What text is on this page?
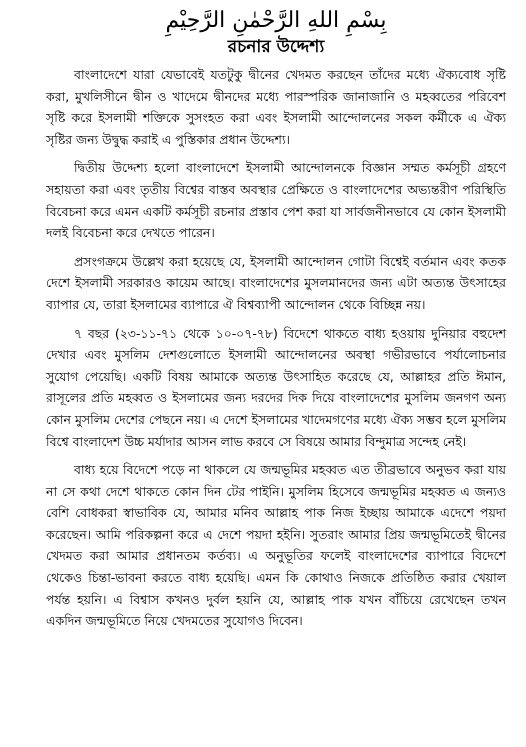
بِسْمِ اللهِ الرَّحْمٰنِ الرَّحِيْمِ
রচনার উদ্দেশ্য

বাংলাদেশে যারা যেভাবেই যতটুকু দ্বীনের খেদমত করছেন তাঁদের মধ্যে ঐক্যবোধ সৃষ্টি করা, মুখলিসীনে দ্বীন ও খাদেমে দ্বীনদের মধ্যে পারস্পরিক জানাজানি ও মহব্বতের পরিবেশ সৃষ্টি করে ইসলামী শক্তিকে সুসংহত করা এবং ইসলামী আন্দোলনের সকল কর্মীকে এ ঐক্য সৃষ্টির জন্য উদ্বুদ্ধ করাই এ পুস্তিকার প্রধান উদ্দেশ্য।

দ্বিতীয় উদ্দেশ্য হলো বাংলাদেশে ইসলামী আন্দোলনকে বিজ্ঞান সম্মত কর্মসূচী গ্রহণে সহায়তা করা এবং তৃতীয় বিশ্বের বাস্তব অবস্থার প্রেক্ষিতে ও বাংলাদেশের অভ্যন্তরীণ পরিস্থিতি বিবেচনা করে এমন একটি কর্মসূচী রচনার প্রস্তাব পেশ করা যা সার্বজনীনভাবে যে কোন ইসলামী দলই বিবেচনা করে দেখতে পারেন।

প্রসংগক্রমে উল্লেখ করা হয়েছে যে, ইসলামী আন্দোলন গোটা বিশ্বেই বর্তমান এবং কতক দেশে ইসলামী সরকারও কায়েম আছে। বাংলাদেশের মুসলমানদের জন্য এটা অত্যন্ত উৎসাহের ব্যাপার যে, তারা ইসলামের ব্যাপারে ঐ বিশ্বব্যাপী আন্দোলন থেকে বিচ্ছিন্ন নয়।

৭ বছর (২৩-১১-৭১ থেকে ১০-০৭-৭৮) বিদেশে থাকতে বাধ্য হওয়ায় দুনিয়ার বহুদেশ দেখার এবং মুসলিম দেশগুলোতে ইসলামী আন্দোলনের অবস্থা গভীরভাবে পর্যালোচনার সুযোগ পেয়েছি। একটি বিষয় আমাকে অত্যন্ত উৎসাহিত করেছে যে, আল্লাহর প্রতি ঈমান, রাসূলের প্রতি মহব্বত ও ইসলামের জন্য দরদের দিক দিয়ে বাংলাদেশের মুসলিম জনগণ অন্য কোন মুসলিম দেশের পেছনে নয়। এ দেশে ইসলামের খাদেমগণের মধ্যে ঐক্য সম্ভব হলে মুসলিম বিশ্বে বাংলাদেশ উচ্চ মর্যাদার আসন লাভ করবে সে বিষয়ে আমার বিন্দুমাত্র সন্দেহ নেই।

বাধ্য হয়ে বিদেশে পড়ে না থাকলে যে জন্মভূমির মহব্বত এত তীব্রভাবে অনুভব করা যায় না সে কথা দেশে থাকতে কোন দিন টের পাইনি। মুসলিম হিসেবে জন্মভূমির মহব্বত এ জন্যও বেশি বোধকরা স্বাভাবিক যে, আমার মনিব আল্লাহ পাক নিজ ইচ্ছায় আমাকে এদেশে পয়দা করেছেন। আমি পরিকল্পনা করে এ দেশে পয়দা হইনি। সুতরাং আমার প্রিয় জন্মভূমিতেই দ্বীনের খেদমত করা আমার প্রধানতম কর্তব্য। এ অনুভূতির ফলেই বাংলাদেশের ব্যাপারে বিদেশে থেকেও চিন্তা-ভাবনা করতে বাধ্য হয়েছি। এমন কি কোথাও নিজকে প্রতিষ্ঠিত করার খেয়াল পর্যন্ত হয়নি। এ বিশ্বাস কখনও দুর্বল হয়নি যে, আল্লাহ পাক যখন বাঁচিয়ে রেখেছেন তখন একদিন জন্মভূমিতে নিয়ে খেদমতের সুযোগও দিবেন।
